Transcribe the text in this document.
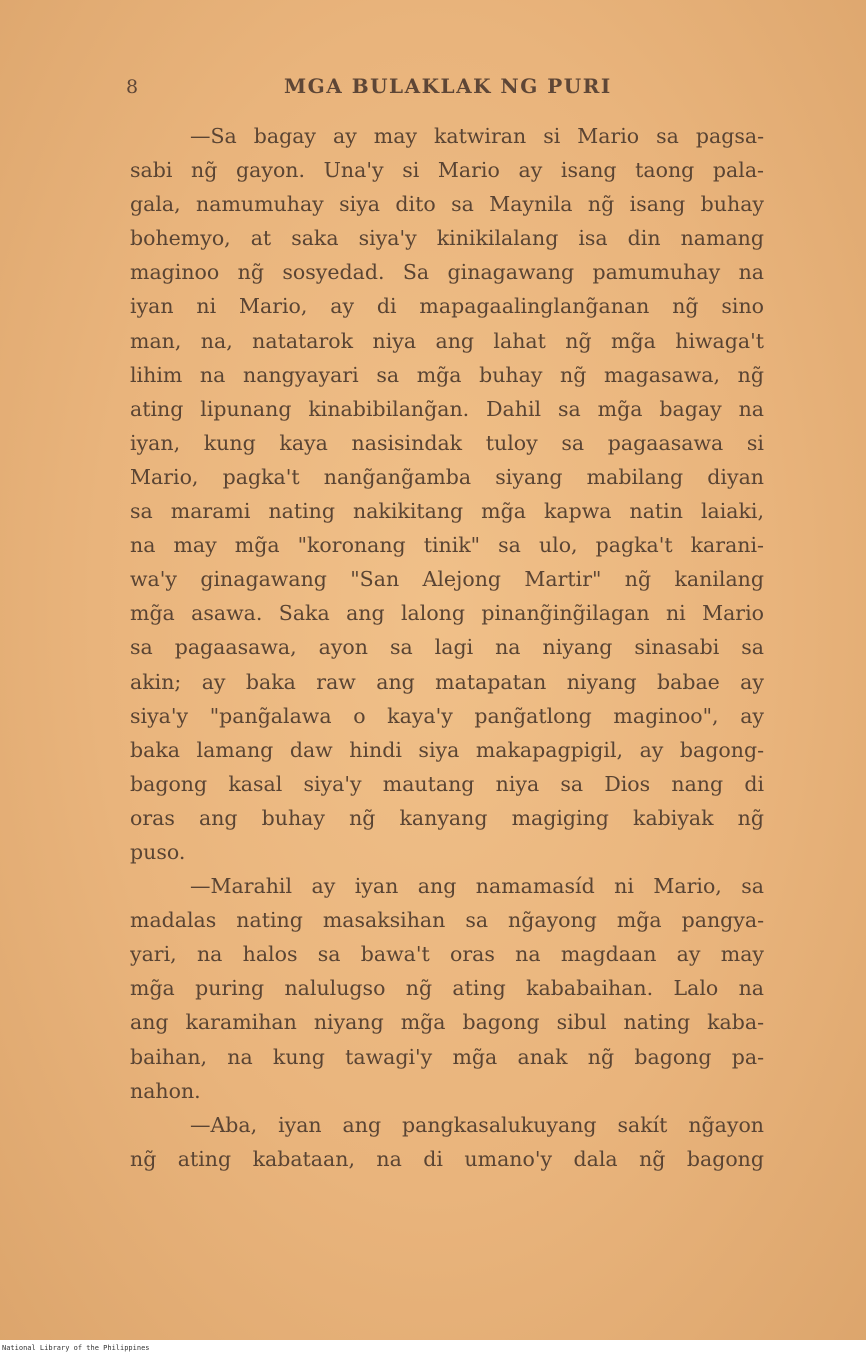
8	MGA BULAKLAK NG PURI
—Sa bagay ay may katwiran si Mario sa pagsa-
sabi ng̃ gayon. Una'y si Mario ay isang taong pala-
gala, namumuhay siya dito sa Maynila ng̃ isang buhay
bohemyo, at saka siya'y kinikilalang isa din namang
maginoo ng̃ sosyedad. Sa ginagawang pamumuhay na
iyan ni Mario, ay di mapagaalinglang̃anan ng̃ sino
man, na, natatarok niya ang lahat ng̃ mg̃a hiwaga't
lihim na nangyayari sa mg̃a buhay ng̃ magasawa, ng̃
ating lipunang kinabibilang̃an. Dahil sa mg̃a bagay na
iyan, kung kaya nasisindak tuloy sa pagaasawa si
Mario, pagka't nang̃ang̃amba siyang mabilang diyan
sa marami nating nakikitang mg̃a kapwa natin laiaki,
na may mg̃a "koronang tinik" sa ulo, pagka't karani-
wa'y ginagawang "San Alejong Martir" ng̃ kanilang
mg̃a asawa. Saka ang lalong pinang̃ing̃ilagan ni Mario
sa pagaasawa, ayon sa lagi na niyang sinasabi sa
akin; ay baka raw ang matapatan niyang babae ay
siya'y "pang̃alawa o kaya'y pang̃atlong maginoo", ay
baka lamang daw hindi siya makapagpigil, ay bagong-
bagong kasal siya'y mautang niya sa Dios nang di
oras ang buhay ng̃ kanyang magiging kabiyak ng̃
puso.
—Marahil ay iyan ang namamasíd ni Mario, sa
madalas nating masaksihan sa ng̃ayong mg̃a pangya-
yari, na halos sa bawa't oras na magdaan ay may
mg̃a puring nalulugso ng̃ ating kababaihan. Lalo na
ang karamihan niyang mg̃a bagong sibul nating kaba-
baihan, na kung tawagi'y mg̃a anak ng̃ bagong pa-
nahon.
—Aba, iyan ang pangkasalukuyang sakít ng̃ayon
ng̃ ating kabataan, na di umano'y dala ng̃ bagong
National Library of the Philippines
